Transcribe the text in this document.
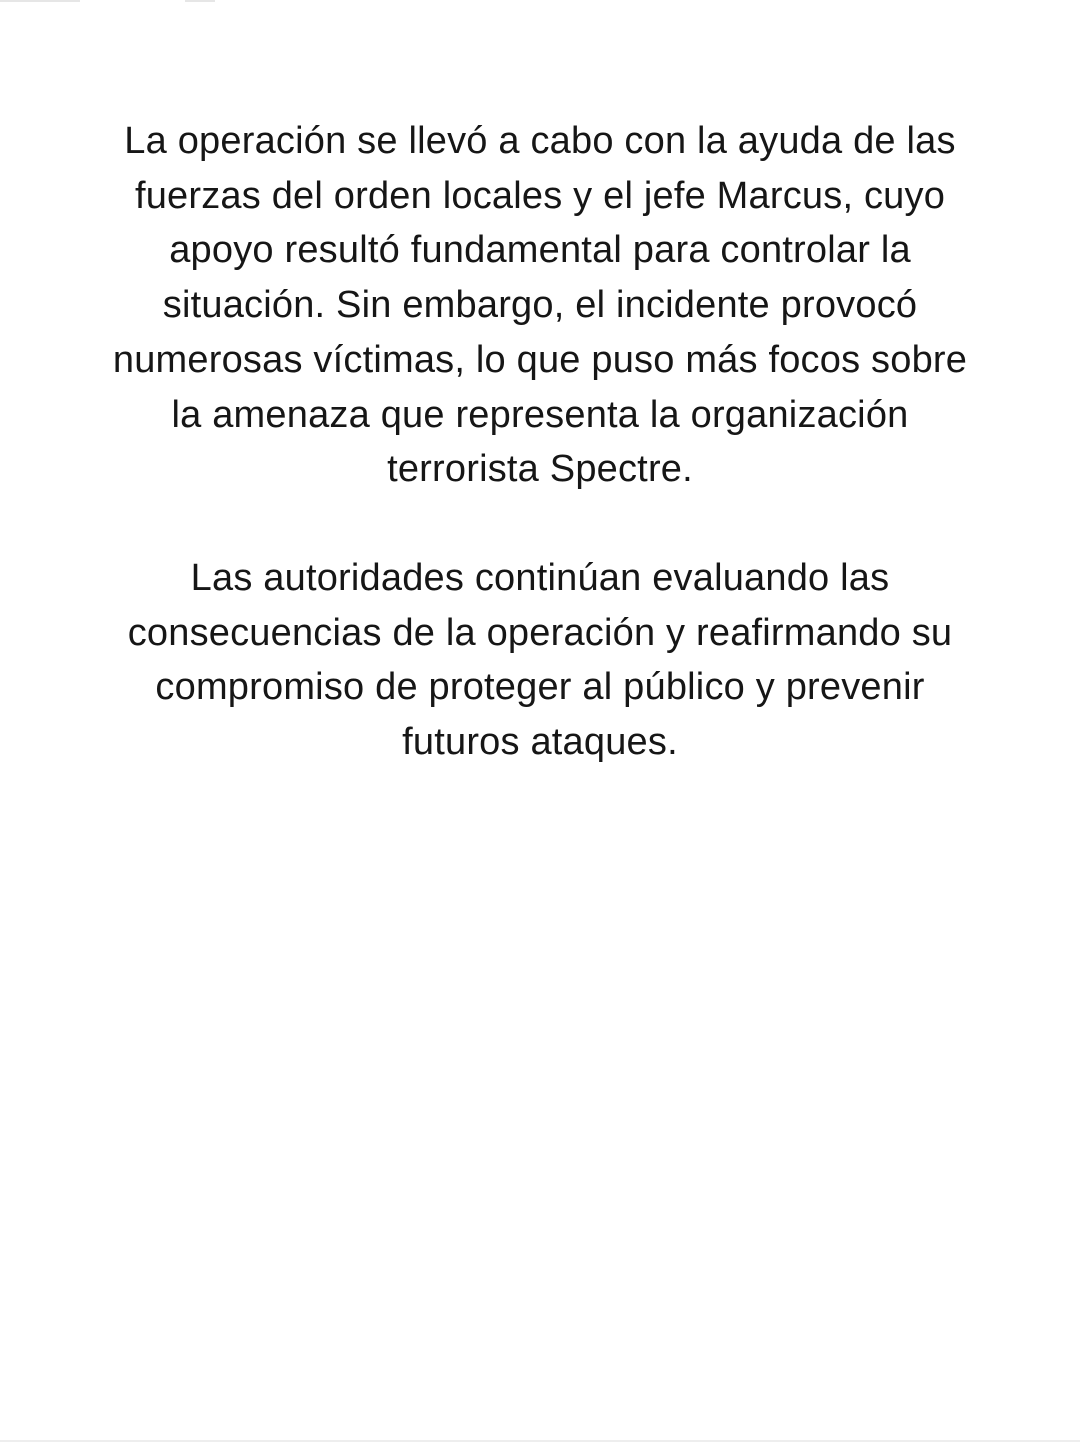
La operación se llevó a cabo con la ayuda de las
fuerzas del orden locales y el jefe Marcus, cuyo
apoyo resultó fundamental para controlar la
situación. Sin embargo, el incidente provocó
numerosas víctimas, lo que puso más focos sobre
la amenaza que representa la organización
terrorista Spectre.

Las autoridades continúan evaluando las
consecuencias de la operación y reafirmando su
compromiso de proteger al público y prevenir
futuros ataques.
